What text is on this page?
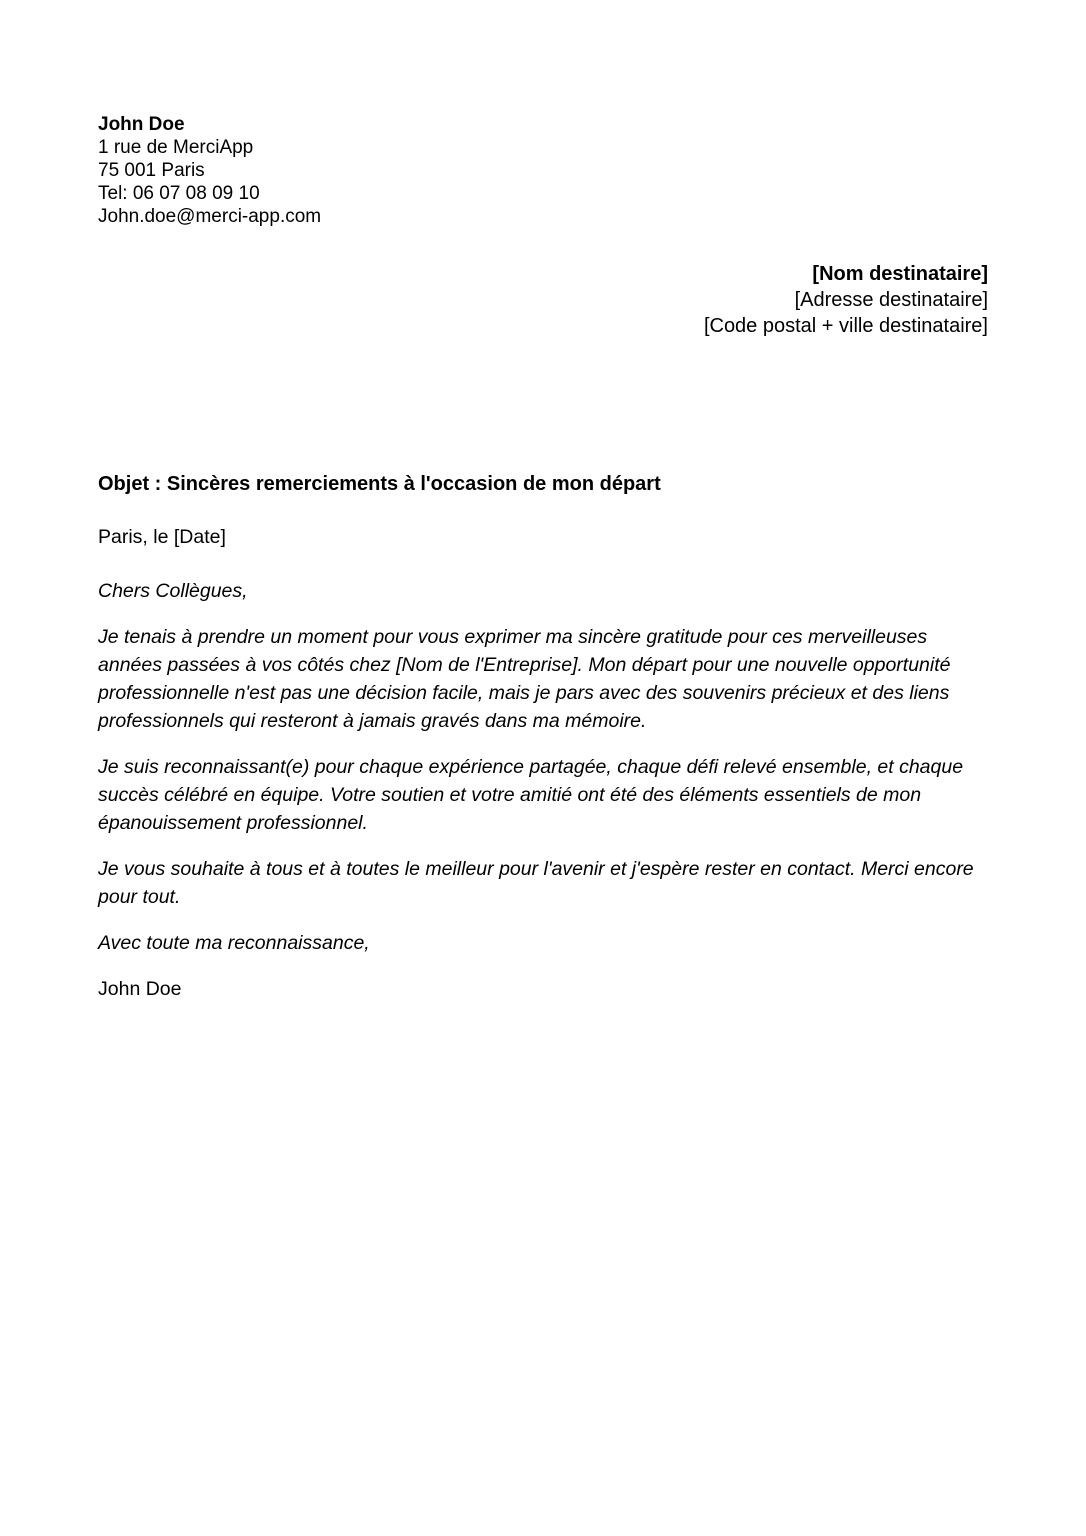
John Doe

1 rue de MerciApp

75 001 Paris

Tel: 06 07 08 09 10

John.doe@merci-app.com

[Nom destinataire]

[Adresse destinataire]

[Code postal + ville destinataire]

Objet : Sincères remerciements à l'occasion de mon départ

Paris, le [Date]

Chers Collègues,

Je tenais à prendre un moment pour vous exprimer ma sincère gratitude pour ces merveilleuses années passées à vos côtés chez [Nom de l'Entreprise]. Mon départ pour une nouvelle opportunité professionnelle n'est pas une décision facile, mais je pars avec des souvenirs précieux et des liens professionnels qui resteront à jamais gravés dans ma mémoire.

Je suis reconnaissant(e) pour chaque expérience partagée, chaque défi relevé ensemble, et chaque succès célébré en équipe. Votre soutien et votre amitié ont été des éléments essentiels de mon épanouissement professionnel.

Je vous souhaite à tous et à toutes le meilleur pour l'avenir et j'espère rester en contact. Merci encore pour tout.

Avec toute ma reconnaissance,

John Doe
